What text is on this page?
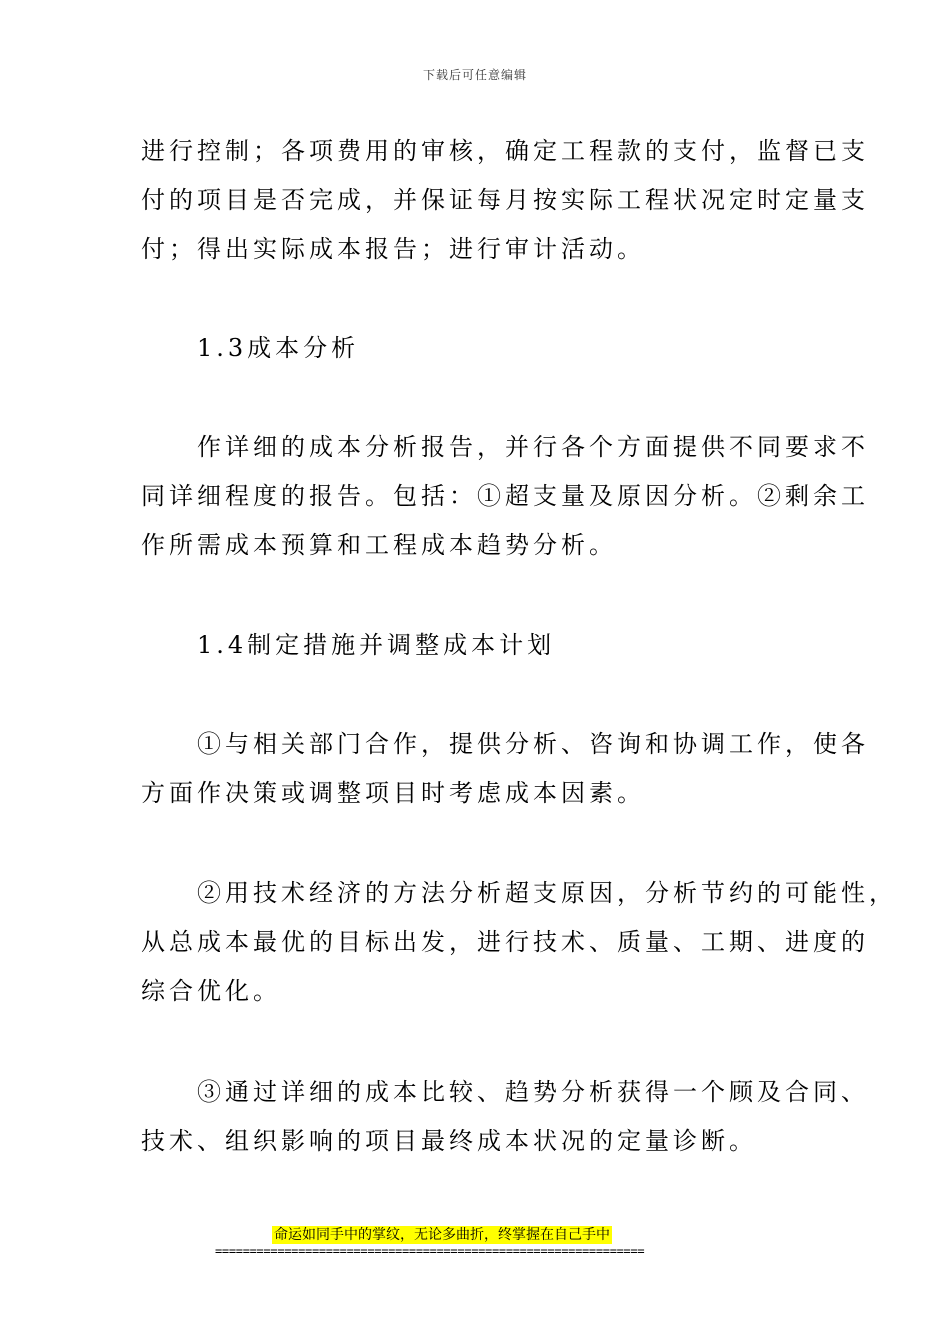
下载后可任意编辑
进行控制；各项费用的审核，确定工程款的支付，监督已支
付的项目是否完成，并保证每月按实际工程状况定时定量支
付；得出实际成本报告；进行审计活动。
　　1.3成本分析
　　作详细的成本分析报告，并行各个方面提供不同要求不
同详细程度的报告。包括：①超支量及原因分析。②剩余工
作所需成本预算和工程成本趋势分析。
　　1.4制定措施并调整成本计划
　　①与相关部门合作，提供分析、咨询和协调工作，使各
方面作决策或调整项目时考虑成本因素。
　　②用技术经济的方法分析超支原因，分析节约的可能性，
从总成本最优的目标出发，进行技术、质量、工期、进度的
综合优化。
　　③通过详细的成本比较、趋势分析获得一个顾及合同、
技术、组织影响的项目最终成本状况的定量诊断。
命运如同手中的掌纹，无论多曲折，终掌握在自己手中
==============================================================
